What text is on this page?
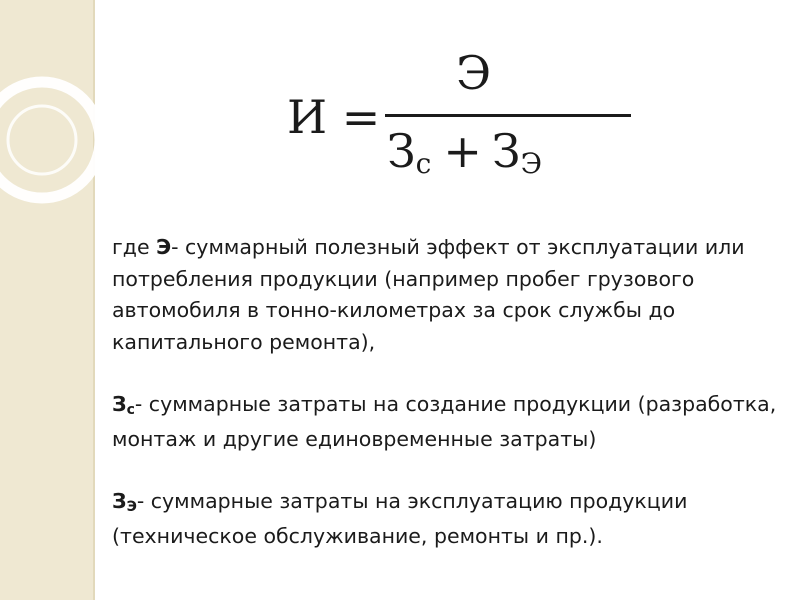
И =
Э
$З_с + З_Э$

где Э- суммарный полезный эффект от эксплуатации или потребления продукции (например пробег грузового автомобиля в тонно-километрах за срок службы до капитального ремонта),

$З_с-$ суммарные затраты на создание продукции (разработка, монтаж и другие единовременные затраты)

$З_Э-$ суммарные затраты на эксплуатацию продукции (техническое обслуживание, ремонты и пр.).
